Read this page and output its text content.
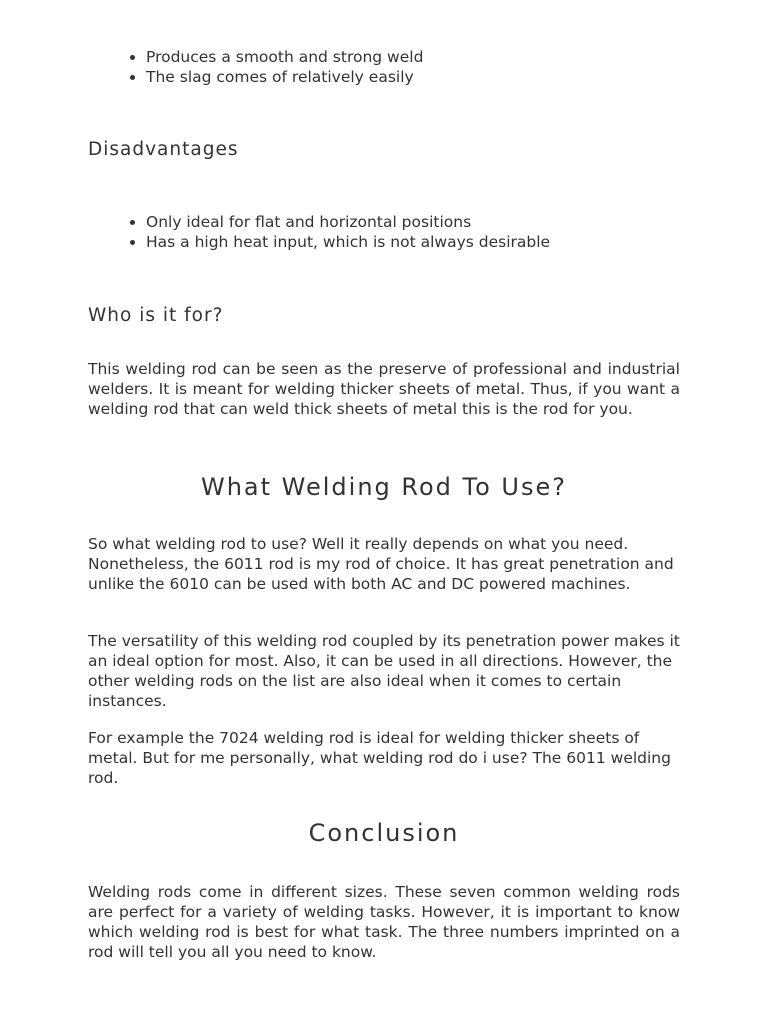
• Produces a smooth and strong weld
• The slag comes of relatively easily
Disadvantages
• Only ideal for flat and horizontal positions
• Has a high heat input, which is not always desirable
Who is it for?

This welding rod can be seen as the preserve of professional and industrial welders. It is meant for welding thicker sheets of metal. Thus, if you want a welding rod that can weld thick sheets of metal this is the rod for you.

What Welding Rod To Use?

So what welding rod to use? Well it really depends on what you need. Nonetheless, the 6011 rod is my rod of choice. It has great penetration and unlike the 6010 can be used with both AC and DC powered machines.

The versatility of this welding rod coupled by its penetration power makes it an ideal option for most. Also, it can be used in all directions. However, the other welding rods on the list are also ideal when it comes to certain instances.

For example the 7024 welding rod is ideal for welding thicker sheets of metal. But for me personally, what welding rod do i use? The 6011 welding rod.

Conclusion

Welding rods come in different sizes. These seven common welding rods are perfect for a variety of welding tasks. However, it is important to know which welding rod is best for what task. The three numbers imprinted on a rod will tell you all you need to know.
